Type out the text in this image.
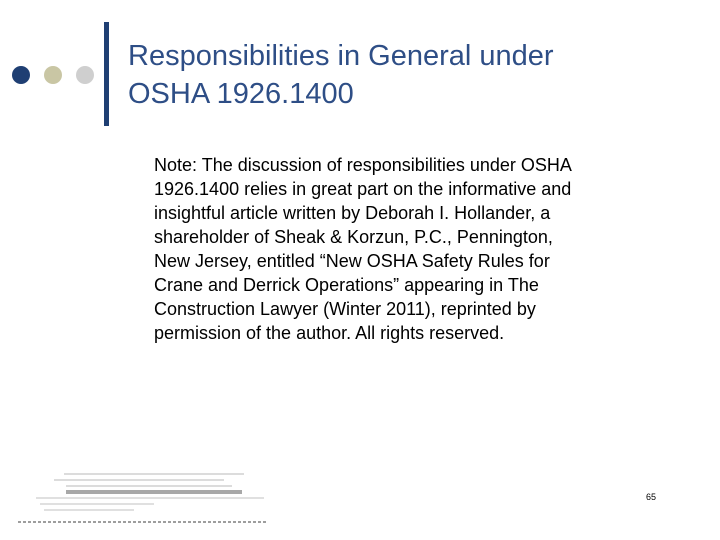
Responsibilities in General under
OSHA 1926.1400

Note: The discussion of responsibilities under OSHA
1926.1400 relies in great part on the informative and
insightful article written by Deborah I. Hollander, a
shareholder of Sheak & Korzun, P.C., Pennington,
New Jersey, entitled “New OSHA Safety Rules for
Crane and Derrick Operations” appearing in The
Construction Lawyer (Winter 2011), reprinted by
permission of the author. All rights reserved.

65
